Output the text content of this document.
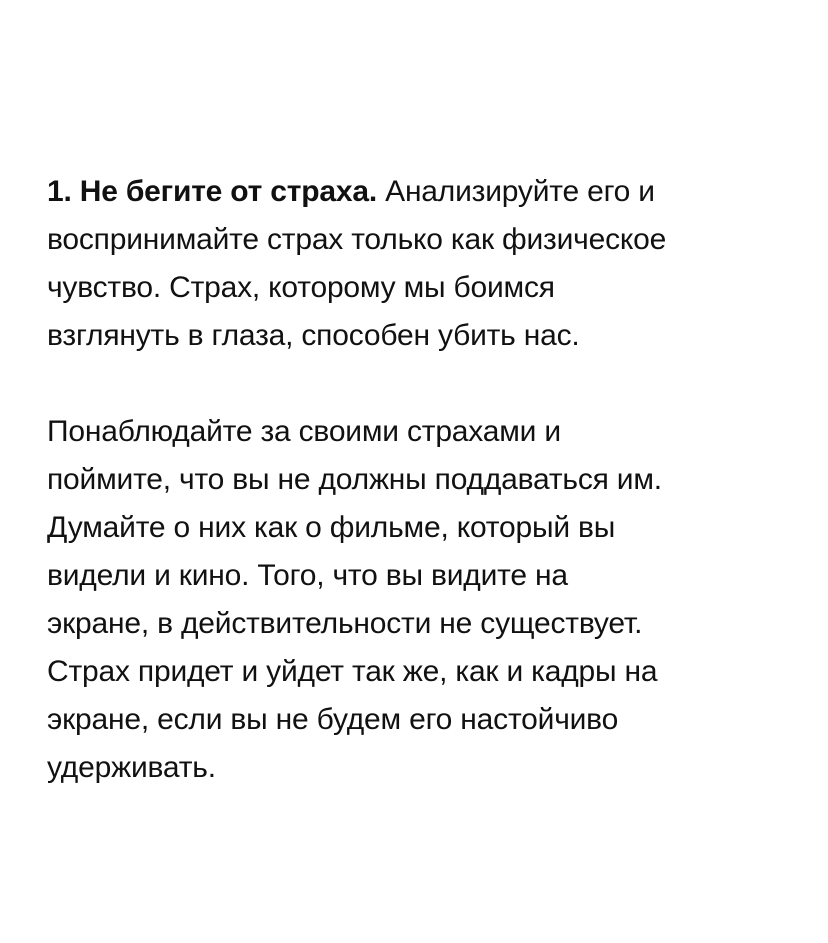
1. Не бегите от страха. Анализируйте его и
воспринимайте страх только как физическое
чувство. Страх, которому мы боимся
взглянуть в глаза, способен убить нас.
Понаблюдайте за своими страхами и
поймите, что вы не должны поддаваться им.
Думайте о них как о фильме, который вы
видели и кино. Того, что вы видите на
экране, в действительности не существует.
Страх придет и уйдет так же, как и кадры на
экране, если вы не будем его настойчиво
удерживать.
